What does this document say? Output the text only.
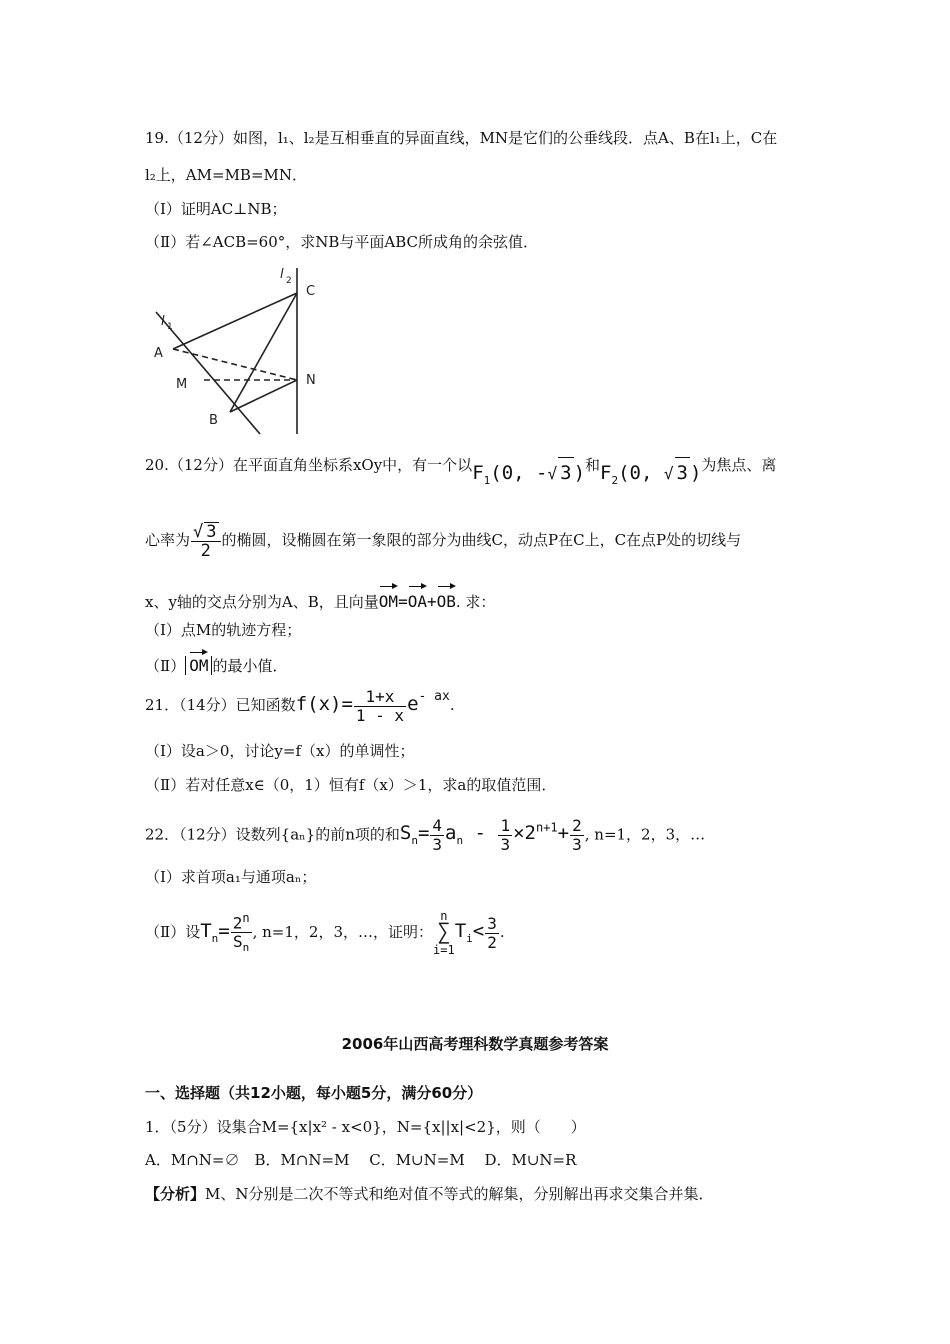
19.（12分）如图，l₁、l₂是互相垂直的异面直线，MN是它们的公垂线段．点A、B在l₁上，C在
l₂上，AM=MB=MN．
（Ⅰ）证明AC⊥NB；
（Ⅱ）若∠ACB=60°，求NB与平面ABC所成角的余弦值．
l 1
l 2
A
M
B
C
N
20.（12分）在平面直角坐标系xOy中，有一个以$F_1(0$, -√ 3 )和$F_2(0$, √ 3 )为焦点、离
心率为 $\frac{√ 3}{2}$ 的椭圆，设椭圆在第一象限的部分为曲线C，动点P在C上，C在点P处的切线与
x、y轴的交点分别为A、B，且向量OM=OA+OB. 求：
（Ⅰ）点M的轨迹方程；
（Ⅱ） OM 的最小值．
21．（14分）已知函数$f(x)= \frac{1+x}{1 - x} e-$ ax.
（Ⅰ）设a＞0，讨论y=f（x）的单调性；
（Ⅱ）若对任意x∈（0，1）恒有f（x）＞1，求a的取值范围．
22．（12分）设数列{aₙ}的前n项的和$S_n= \frac{4}{3} a_n - \frac{1}{3} \times 2^{n+1}+ \frac{2}{3}$ , n=1，2，3，…
（Ⅰ）求首项a₁与通项aₙ；
（Ⅱ）设$T_n= \frac{2^n}{S_n}$ , n=1，2，3，…，证明：n
∑
$i=1T_i< \frac{3}{2}$ .
2006年山西高考理科数学真题参考答案
一、选择题（共12小题，每小题5分，满分60分）
1．（5分）设集合M={x|x² - x<0}，N={x||x|<2}，则（　　）
A．M∩N=∅　B．M∩N=M　 C．M∪N=M　 D．M∪N=R
【分析】M、N分别是二次不等式和绝对值不等式的解集，分别解出再求交集合并集．
